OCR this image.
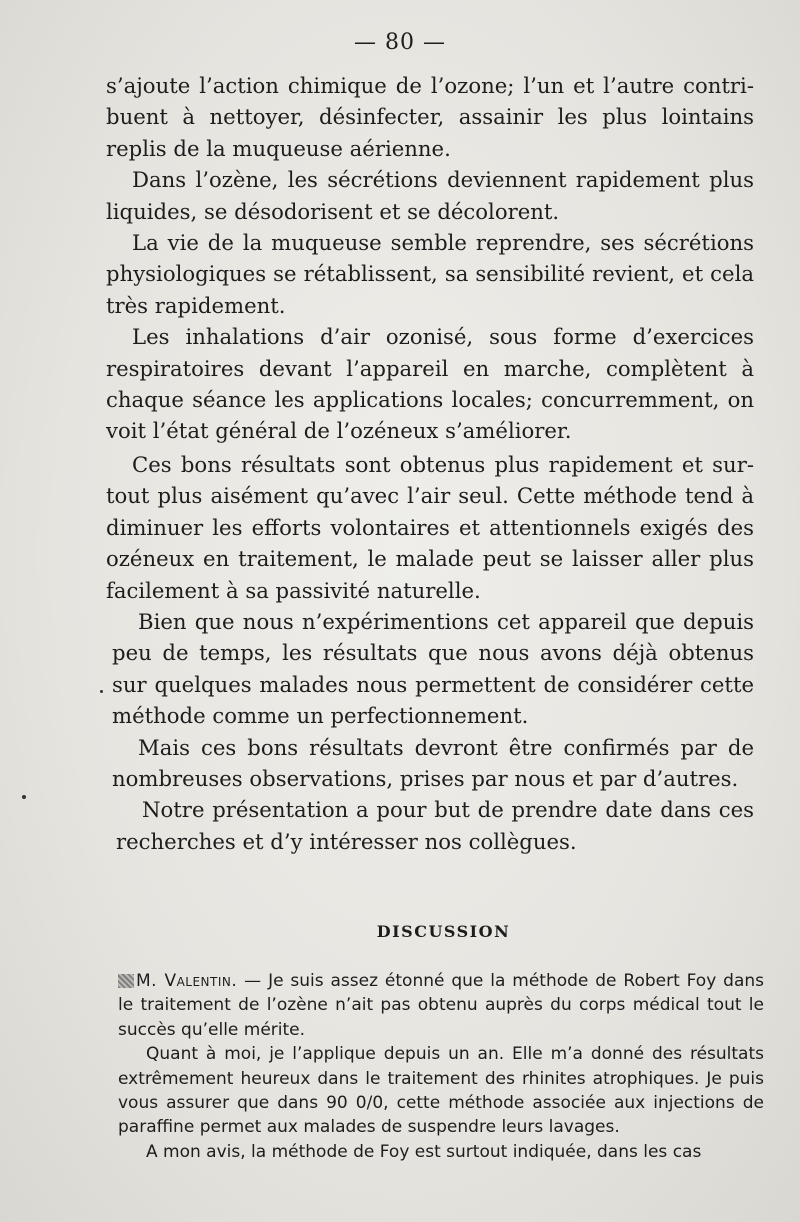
— 80 —

s’ajoute l’action chimique de l’ozone; l’un et l’autre contribuent à nettoyer, désinfecter, assainir les plus lointains replis de la muqueuse aérienne.

Dans l’ozène, les sécrétions deviennent rapidement plus liquides, se désodorisent et se décolorent.

La vie de la muqueuse semble reprendre, ses sécrétions physiologiques se rétablissent, sa sensibilité revient, et cela très rapidement.

Les inhalations d’air ozonisé, sous forme d’exercices respiratoires devant l’appareil en marche, complètent à chaque séance les applications locales; concurremment, on voit l’état général de l’ozéneux s’améliorer.

Ces bons résultats sont obtenus plus rapidement et surtout plus aisément qu’avec l’air seul. Cette méthode tend à diminuer les efforts volontaires et attentionnels exigés des ozéneux en traitement, le malade peut se laisser aller plus facilement à sa passivité naturelle.

Bien que nous n’expérimentions cet appareil que depuis peu de temps, les résultats que nous avons déjà obtenus sur quelques malades nous permettent de considérer cette méthode comme un perfectionnement.

Mais ces bons résultats devront être confirmés par de nombreuses observations, prises par nous et par d’autres.

Notre présentation a pour but de prendre date dans ces recherches et d’y intéresser nos collègues.

DISCUSSION

M. Valentin. — Je suis assez étonné que la méthode de Robert Foy dans le traitement de l’ozène n’ait pas obtenu auprès du corps médical tout le succès qu’elle mérite.

Quant à moi, je l’applique depuis un an. Elle m’a donné des résultats extrêmement heureux dans le traitement des rhinites atrophiques. Je puis vous assurer que dans 90 0/0, cette méthode associée aux injections de paraffine permet aux malades de suspendre leurs lavages.

A mon avis, la méthode de Foy est surtout indiquée, dans les cas
